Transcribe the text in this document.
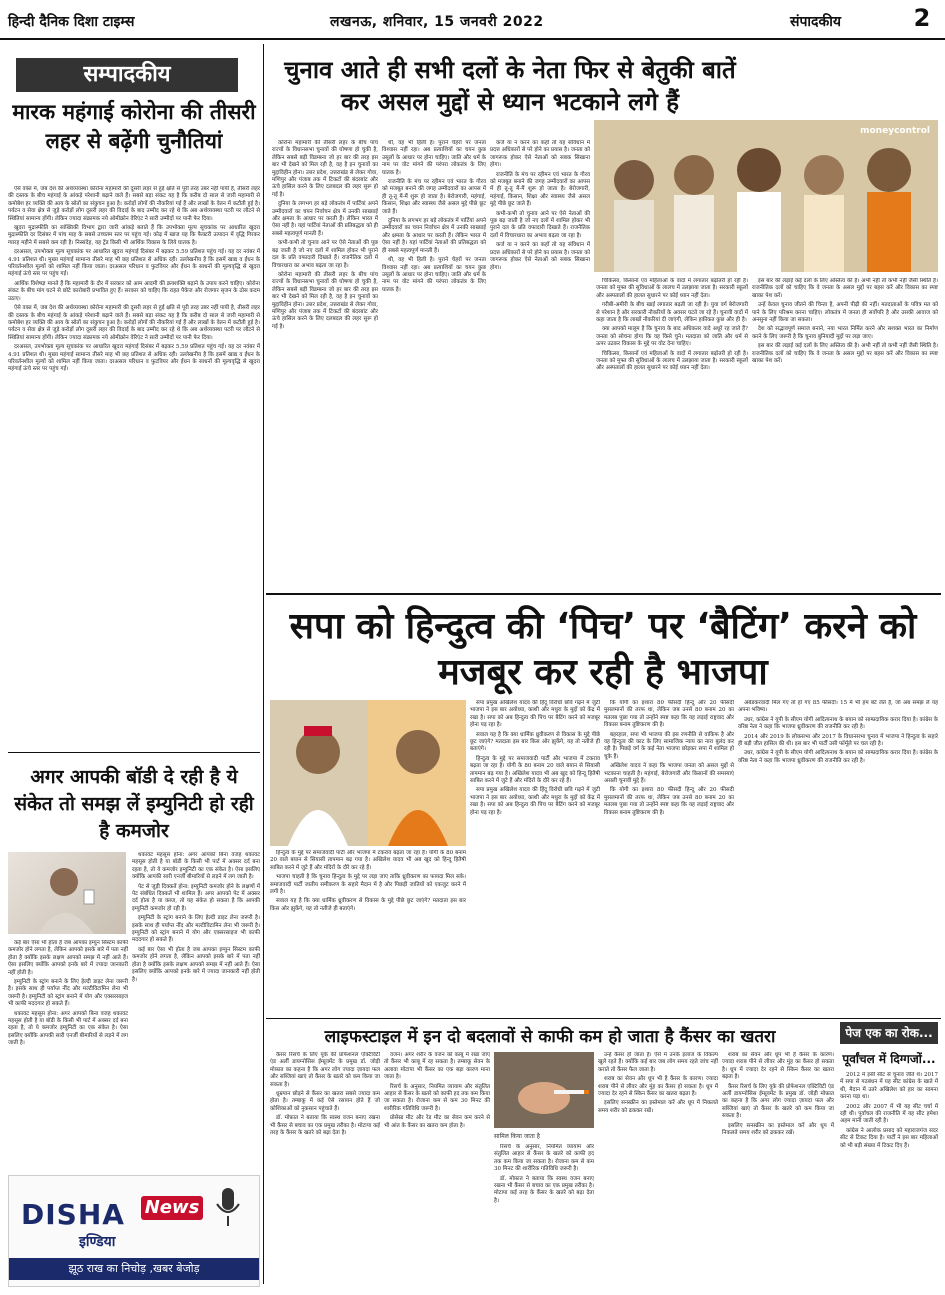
हिन्दी दैनिक दिशा टाइम्स	लखनऊ, शनिवार, 15 जनवरी 2022	संपादकीय	2
सम्पादकीय
मारक महंगाई कोरोना की तीसरी लहर से बढ़ेंगी चुनौतियां

ऐसे वक्त में, जब देश की अर्थव्यवस्था कोरोना महामारी की दूसरी लहर से हुई क्षति से पूरी तरह उबर नहीं पायी है, तीसरी लहर की दस्तक के बीच महंगाई के आंकड़े परेशानी बढ़ाने वाले हैं। सबसे बड़ा संकट यह है कि करीब दो साल से जारी महामारी से कमोबेश हर व्यक्ति की आय के स्रोतों का संकुचन हुआ है। करोड़ों लोगों की नौकरियां गई हैं और लाखों के वेतन में कटौती हुई है। पर्यटन व सेवा क्षेत्र से जुड़े करोड़ों लोग दूसरी लहर की विदाई के बाद उम्मीद कर रहे थे कि अब अर्थव्यवस्था पटरी पर लौटने से स्थितियां सामान्य होंगी। लेकिन ज्यादा संक्रामक नये ओमीक्रोन वेरिएंट ने सारी उम्मीदों पर पानी फेर दिया।

खुदरा मुद्रास्फीति का सांख्यिकी विभाग द्वारा जारी आंकड़े बताते हैं कि उपभोक्ता मूल्य सूचकांक पर आधारित खुदरा मुद्रास्फीति दर दिसंबर में पांच माह के सबसे उच्चतम स्तर पर पहुंच गई। कोढ़ में खाज यह कि फैक्टरी उत्पादन में वृद्धि गिरकर ग्यारह महीने में सबसे कम रही है। निस्संदेह, यह ट्रेंड किसी भी आर्थिक विकास के लिये घातक है।

दरअसल, उपभोक्ता मूल्य सूचकांक पर आधारित खुदरा महंगाई दिसंबर में बढ़कर 5.59 प्रतिशत पहुंच गई। यह दर नवंबर में 4.91 प्रतिशत थी। मुख्य महंगाई सामान्य तीसरे माह भी छह प्रतिशत से अधिक रही। उल्लेखनीय है कि इसमें खाद्य व ईंधन के परिवर्तनशील मूल्यों को शामिल नहीं किया जाता। दरअसल परिधान व फुटवियर और ईंधन के साधनों की मूल्यवृद्धि से खुदरा महंगाई ऊंचे स्तर पर पहुंच गई।

आर्थिक विशेषज्ञ मानते हैं कि महामारी के दौर में सरकार को आम आदमी की क्रयशक्ति बढ़ाने के उपाय करने चाहिए। कोरोना संकट के बीच मांग घटने से छोटे कारोबारी प्रभावित हुए हैं। सरकार को चाहिए कि राहत पैकेज और रोजगार सृजन के ठोस कदम उठाए।

ऐसे वक्त में, जब देश की अर्थव्यवस्था कोरोना महामारी की दूसरी लहर से हुई क्षति से पूरी तरह उबर नहीं पायी है, तीसरी लहर की दस्तक के बीच महंगाई के आंकड़े परेशानी बढ़ाने वाले हैं। सबसे बड़ा संकट यह है कि करीब दो साल से जारी महामारी से कमोबेश हर व्यक्ति की आय के स्रोतों का संकुचन हुआ है। करोड़ों लोगों की नौकरियां गई हैं और लाखों के वेतन में कटौती हुई है। पर्यटन व सेवा क्षेत्र से जुड़े करोड़ों लोग दूसरी लहर की विदाई के बाद उम्मीद कर रहे थे कि अब अर्थव्यवस्था पटरी पर लौटने से स्थितियां सामान्य होंगी। लेकिन ज्यादा संक्रामक नये ओमीक्रोन वेरिएंट ने सारी उम्मीदों पर पानी फेर दिया।

दरअसल, उपभोक्ता मूल्य सूचकांक पर आधारित खुदरा महंगाई दिसंबर में बढ़कर 5.59 प्रतिशत पहुंच गई। यह दर नवंबर में 4.91 प्रतिशत थी। मुख्य महंगाई सामान्य तीसरे माह भी छह प्रतिशत से अधिक रही। उल्लेखनीय है कि इसमें खाद्य व ईंधन के परिवर्तनशील मूल्यों को शामिल नहीं किया जाता। दरअसल परिधान व फुटवियर और ईंधन के साधनों की मूल्यवृद्धि से खुदरा महंगाई ऊंचे स्तर पर पहुंच गई।

अगर आपकी बॉडी दे रही है ये संकेत तो समझ लें इम्युनिटी हो रही है कमजोर

कई बार ऐसा भी होता है जब आपका इम्युन सिस्टम काफी कमजोर होने लगता है, लेकिन आपको इसके बारे में पता नहीं होता है क्योंकि इसके लक्षण आपको समझ में नहीं आते हैं। ऐसा इसलिए क्योंकि आपको इनके बारे में ज्यादा जानकारी नहीं होती है।

इम्युनिटी के स्ट्रांग बनाने के लिए हेल्दी डाइट लेना जरूरी है। इसके साथ ही पर्याप्त नींद और मल्टीविटामिन लेना भी जरूरी है। इम्युनिटी को स्ट्रांग बनाने में योग और एक्सरसाइज भी काफी मददगार हो सकते हैं।

थकावट महसूस होना: अगर आपको बिना वजह थकावट महसूस होती है या बॉडी के किसी भी पार्ट में अक्सर दर्द बना रहता है, तो ये कमजोर इम्युनिटी का एक संकेत है। ऐसा इसलिए क्योंकि आपकी सारी एनर्जी बीमारियों से लड़ने में लग जाती है।

थकावट महसूस होना: अगर आपको बिना वजह थकावट महसूस होती है या बॉडी के किसी भी पार्ट में अक्सर दर्द बना रहता है, तो ये कमजोर इम्युनिटी का एक संकेत है। ऐसा इसलिए क्योंकि आपकी सारी एनर्जी बीमारियों से लड़ने में लग जाती है।

पेट से जुड़ी दिक्कतें होना: इम्युनिटी कमजोर होने के लक्षणों में पेट संबंधित दिक्कतें भी शामिल हैं। अगर आपको पेट में अक्सर दर्द होता है या कब्ज, तो यह संकेत हो सकता है कि आपकी इम्युनिटी कमजोर हो रही है।

इम्युनिटी के स्ट्रांग बनाने के लिए हेल्दी डाइट लेना जरूरी है। इसके साथ ही पर्याप्त नींद और मल्टीविटामिन लेना भी जरूरी है। इम्युनिटी को स्ट्रांग बनाने में योग और एक्सरसाइज भी काफी मददगार हो सकते हैं।

कई बार ऐसा भी होता है जब आपका इम्युन सिस्टम काफी कमजोर होने लगता है, लेकिन आपको इसके बारे में पता नहीं होता है क्योंकि इसके लक्षण आपको समझ में नहीं आते हैं। ऐसा इसलिए क्योंकि आपको इनके बारे में ज्यादा जानकारी नहीं होती है।

DISHA News
इण्डिया
झूठ राख का निचोड़ ,खबर बेजोड़
चुनाव आते ही सभी दलों के नेता फिर से बेतुकी बातें कर असल मुद्दों से ध्यान भटकाने लगे हैं
moneycontrol

कोरोना महामारी की तीसरी लहर के बीच पांच राज्यों के विधानसभा चुनावों की घोषणा हो चुकी है, लेकिन सबसे बड़ी विडम्बना जो हर बार की तरह इस बार भी देखने को मिल रही है, वह है इन चुनावों का मुद्दाविहीन होना। उत्तर प्रदेश, उत्तराखंड से लेकर गोवा, मणिपुर और पंजाब तक में टिकटों की बंदरबांट और ऊंचे हासिल करने के लिए दलबदल की लहर सुरू हो गई है।

दुनिया के लगभग हर बड़े लोकतंत्र में पार्टियां अपने उम्मीदवारों का चयन निर्वाचन क्षेत्र में उनकी साख्याई और क्षमता के आधार पर करती हैं। लेकिन भारत में ऐसा नहीं है। यहां पार्टियां नेताओं की प्रतिबद्धता को ही सबसे महत्वपूर्ण मानती हैं।

कभी-कभी तो चुनाव आने पर ऐसे नेताओं की पूछ बढ़ जाती है जो नए दलों में शामिल होकर भी पुराने दल के प्रति वफादारी दिखाते हैं। राजनैतिक दलों में विचारधारा का अभाव बढ़ता जा रहा है।

कोरोना महामारी की तीसरी लहर के बीच पांच राज्यों के विधानसभा चुनावों की घोषणा हो चुकी है, लेकिन सबसे बड़ी विडम्बना जो हर बार की तरह इस बार भी देखने को मिल रही है, वह है इन चुनावों का मुद्दाविहीन होना। उत्तर प्रदेश, उत्तराखंड से लेकर गोवा, मणिपुर और पंजाब तक में टिकटों की बंदरबांट और ऊंचे हासिल करने के लिए दलबदल की लहर सुरू हो गई है।

थी, वह भी हिली है। पुराने चेहरों पर जनता विश्वास नहीं रहा। अब प्रत्याशियों का चयन कुछ उसूलों के आधार पर होना चाहिए। जाति और धर्म के नाम पर वोट मांगने की परंपरा लोकतंत्र के लिए घातक है।

राजनीति के मंच पर रहीमन एवं भारत के गौरव को मजबूत बनाने की जगह उम्मीदवारों का आपस में ही तू-तू मैं-मैं शुरू हो जाता है। बेरोजगारी, महंगाई, किसान, शिक्षा और स्वास्थ्य जैसे असल मुद्दे पीछे छूट जाते हैं।

दुनिया के लगभग हर बड़े लोकतंत्र में पार्टियां अपने उम्मीदवारों का चयन निर्वाचन क्षेत्र में उनकी साख्याई और क्षमता के आधार पर करती हैं। लेकिन भारत में ऐसा नहीं है। यहां पार्टियां नेताओं की प्रतिबद्धता को ही सबसे महत्वपूर्ण मानती हैं।

थी, वह भी हिली है। पुराने चेहरों पर जनता विश्वास नहीं रहा। अब प्रत्याशियों का चयन कुछ उसूलों के आधार पर होना चाहिए। जाति और धर्म के नाम पर वोट मांगने की परंपरा लोकतंत्र के लिए घातक है।

कर्ज या न करने का कहाँ तो यह संविधान में प्रदत्त अधिकारों से परे होने का प्रयास है। जनता को जागरूक होकर ऐसे नेताओं को सबक सिखाना होगा।

राजनीति के मंच पर रहीमन एवं भारत के गौरव को मजबूत बनाने की जगह उम्मीदवारों का आपस में ही तू-तू मैं-मैं शुरू हो जाता है। बेरोजगारी, महंगाई, किसान, शिक्षा और स्वास्थ्य जैसे असल मुद्दे पीछे छूट जाते हैं।

कभी-कभी तो चुनाव आने पर ऐसे नेताओं की पूछ बढ़ जाती है जो नए दलों में शामिल होकर भी पुराने दल के प्रति वफादारी दिखाते हैं। राजनैतिक दलों में विचारधारा का अभाव बढ़ता जा रहा है।

कर्ज या न करने का कहाँ तो यह संविधान में प्रदत्त अधिकारों से परे होने का प्रयास है। जनता को जागरूक होकर ऐसे नेताओं को सबक सिखाना होगा।

चिकित्सा, किसानों एवं महिलाओं के वादों में लगातार बढ़ोतरी हो रही है। जनता को मुफ्त की सुविधाओं के लालच में उलझाया जाता है। सरकारी स्कूलों और अस्पतालों की हालत सुधारने पर कोई ध्यान नहीं देता।

गरीबी-अमीरी के बीच खाई लगातार बढ़ती जा रही है। युवा वर्ग बेरोजगारी से परेशान है और सरकारी नौकरियों के अवसर घटते जा रहे हैं। चुनावी वादों में कहा जाता है कि लाखों नौकरियां दी जाएंगी, लेकिन हकीकत कुछ और ही है।

क्या आपको मालूम है कि चुनाव के बाद अधिकतर वादे अधूरे रह जाते हैं? जनता को सोचना होगा कि वह किसे चुने। मतदाता को जाति और धर्म से ऊपर उठकर विकास के मुद्दे पर वोट देना चाहिए।

चिकित्सा, किसानों एवं महिलाओं के वादों में लगातार बढ़ोतरी हो रही है। जनता को मुफ्त की सुविधाओं के लालच में उलझाया जाता है। सरकारी स्कूलों और अस्पतालों की हालत सुधारने पर कोई ध्यान नहीं देता।

इस बार की लड़ाई कई दलों के लिए अस्तित्व की है। अभी नहीं तो कभी नहीं जैसी स्थिति है। राजनीतिक दलों को चाहिए कि वे जनता के असल मुद्दों पर बहस करें और विकास का स्पष्ट खाका पेश करें।

उन्हें केवल चुनाव जीतने की चिन्ता है, अपनी पीढ़ी की नहीं। मतदाताओं के पवित्र मत को पाने के लिए परिश्रम करना चाहिए। लोकतंत्र में जनता ही सर्वोपरि है और उसकी आवाज को अनसुना नहीं किया जा सकता।

देश को सद्भावपूर्ण समाज बनाने, नया भारत निर्मित करने और सशक्त भारत का निर्माण करने के लिए जरूरी है कि चुनाव बुनियादी मुद्दों पर लड़ा जाए।

इस बार की लड़ाई कई दलों के लिए अस्तित्व की है। अभी नहीं तो कभी नहीं जैसी स्थिति है। राजनीतिक दलों को चाहिए कि वे जनता के असल मुद्दों पर बहस करें और विकास का स्पष्ट खाका पेश करें।

सपा को हिन्दुत्व की ‘पिच’ पर ‘बैटिंग’ करने को मजबूर कर रही है भाजपा

हिन्दुत्व के मुद्दे पर समाजवादी पार्टी और भाजपा में टकराव बढ़ता जा रहा है। योगी के 80 बनाम 20 वाले बयान से सियासी तापमान बढ़ गया है। अखिलेश यादव भी अब खुद को हिन्दू हितैषी साबित करने में जुटे हैं और मंदिरों के दौरे कर रहे हैं।

भाजपा चाहती है कि चुनाव हिन्दुत्व के मुद्दे पर लड़ा जाए ताकि ध्रुवीकरण का फायदा मिल सके। समाजवादी पार्टी जातीय समीकरण के सहारे मैदान में है और पिछड़ी जातियों को एकजुट करने में लगी है।

सवाल यह है कि क्या धार्मिक ध्रुवीकरण से विकास के मुद्दे पीछे छूट जाएंगे? मतदाता इस बार किस ओर झुकेंगे, यह तो नतीजे ही बताएंगे।

सपा प्रमुख अखिलेश यादव की हिंदू विरोधी छवि गढ़ने में जुटी भाजपा ने इस बार अयोध्या, काशी और मथुरा के मुद्दों को केंद्र में रखा है। सपा को अब हिन्दुत्व की पिच पर बैटिंग करने को मजबूर होना पड़ रहा है।

सवाल यह है कि क्या धार्मिक ध्रुवीकरण से विकास के मुद्दे पीछे छूट जाएंगे? मतदाता इस बार किस ओर झुकेंगे, यह तो नतीजे ही बताएंगे।

हिन्दुत्व के मुद्दे पर समाजवादी पार्टी और भाजपा में टकराव बढ़ता जा रहा है। योगी के 80 बनाम 20 वाले बयान से सियासी तापमान बढ़ गया है। अखिलेश यादव भी अब खुद को हिन्दू हितैषी साबित करने में जुटे हैं और मंदिरों के दौरे कर रहे हैं।

सपा प्रमुख अखिलेश यादव की हिंदू विरोधी छवि गढ़ने में जुटी भाजपा ने इस बार अयोध्या, काशी और मथुरा के मुद्दों को केंद्र में रखा है। सपा को अब हिन्दुत्व की पिच पर बैटिंग करने को मजबूर होना पड़ रहा है।

कि योगी का इशारा 80 फीसदी हिन्दू और 20 फीसदी मुसलमानों की तरफ था, लेकिन जब उनसे 80 बनाम 20 का मतलब पूछा गया तो उन्होंने स्पष्ट कहा कि यह लड़ाई राष्ट्रवाद और विकास बनाम तुष्टिकरण की है।

बहरहाल, सपा भी भाजपा की इस रणनीति से वाकिफ है और वह हिन्दुत्व की काट के लिए सामाजिक न्याय का नारा बुलंद कर रही है। पिछड़े वर्ग के कई नेता भाजपा छोड़कर सपा में शामिल हो चुके हैं।

अखिलेश यादव ने कहा कि भाजपा जनता को असल मुद्दों से भटकाना चाहती है। महंगाई, बेरोजगारी और किसानों की समस्याएं असली चुनावी मुद्दे हैं।

कि योगी का इशारा 80 फीसदी हिन्दू और 20 फीसदी मुसलमानों की तरफ था, लेकिन जब उनसे 80 बनाम 20 का मतलब पूछा गया तो उन्होंने स्पष्ट कहा कि यह लड़ाई राष्ट्रवाद और विकास बनाम तुष्टिकरण की है।

अंबेडकरवादी मिल गए तो हो गए 85 फीसदी। 15 में भी हम बंटे लेते हैं, जो अब समझ लें यह अपना भविष्य।

उधर, कांग्रेस ने यूपी के सीएम योगी आदित्यनाथ के बयान को साम्प्रदायिक करार दिया है। कांग्रेस के वरिष्ठ नेता ने कहा कि भाजपा ध्रुवीकरण की राजनीति कर रही है।

2014 और 2019 के लोकसभा और 2017 के विधानसभा चुनाव में भाजपा ने हिन्दुत्व के सहारे ही बड़ी जीत हासिल की थी। इस बार भी पार्टी उसी फॉर्मूले पर चल रही है।

उधर, कांग्रेस ने यूपी के सीएम योगी आदित्यनाथ के बयान को साम्प्रदायिक करार दिया है। कांग्रेस के वरिष्ठ नेता ने कहा कि भाजपा ध्रुवीकरण की राजनीति कर रही है।

लाइफस्टाइल में इन दो बदलावों से काफी कम हो जाता है कैंसर का खतरा

कैंसर रिसर्च के लिए यूके की प्रोफेशनल एक्टिविटी एंड अर्ली डायग्नोसिस ईम्प्रूवमेंट के प्रमुख डॉ. जोड़ी मोफ़ात का कहना है कि अगर लोग ज्यादा ज़ायदा फल और सब्जियां खाएं तो कैंसर के खतरे को कम किया जा सकता है।

धूम्रपान छोड़ने से कैंसर का खतरा सबसे ज्यादा कम होता है। तम्बाकू में कई ऐसे रसायन होते हैं जो कोशिकाओं को नुकसान पहुंचाते हैं।

डॉ. मोफ़ात ने बताया कि स्वस्थ वजन बनाए रखना भी कैंसर से बचाव का एक प्रमुख तरीका है। मोटापा कई तरह के कैंसर के खतरे को बढ़ा देता है।

वजन। अगर शरीर के वजन को काबू में रखा जाए तो कैंसर भी काबू में रह सकता है। तम्बाकू सेवन के अलावा मोटापा भी कैंसर का एक बड़ा कारण माना जाता है।

रिसर्च के अनुसार, नियमित व्यायाम और संतुलित आहार से कैंसर के खतरे को काफी हद तक कम किया जा सकता है। रोजाना कम से कम 30 मिनट की शारीरिक गतिविधि जरूरी है।

प्रोसेस्ड मीट और रेड मीट का सेवन कम करने से भी आंत के कैंसर का खतरा कम होता है।

सामिल किया जाता है

रिसर्च के अनुसार, नियमित व्यायाम और संतुलित आहार से कैंसर के खतरे को काफी हद तक कम किया जा सकता है। रोजाना कम से कम 30 मिनट की शारीरिक गतिविधि जरूरी है।

डॉ. मोफ़ात ने बताया कि स्वस्थ वजन बनाए रखना भी कैंसर से बचाव का एक प्रमुख तरीका है। मोटापा कई तरह के कैंसर के खतरे को बढ़ा देता है।

उन्हें कैंसर हो जाता है। ऐसे में उनके इलाज के विकल्प खुले रहते हैं। क्योंकि कई बार जब लोग समय रहते जांच नहीं कराते तो कैंसर फैल जाता है।

शराब का सेवन और धूप भी है कैंसर के कारण। ज्यादा शराब पीने से लीवर और मुंह का कैंसर हो सकता है। धूप में ज्यादा देर रहने से स्किन कैंसर का खतरा बढ़ता है।

इसलिए सनस्क्रीन का इस्तेमाल करें और धूप में निकलते समय शरीर को ढककर रखें।

शराब का सेवन और धूप भी है कैंसर के कारण। ज्यादा शराब पीने से लीवर और मुंह का कैंसर हो सकता है। धूप में ज्यादा देर रहने से स्किन कैंसर का खतरा बढ़ता है।

कैंसर रिसर्च के लिए यूके की प्रोफेशनल एक्टिविटी एंड अर्ली डायग्नोसिस ईम्प्रूवमेंट के प्रमुख डॉ. जोड़ी मोफ़ात का कहना है कि अगर लोग ज्यादा ज़ायदा फल और सब्जियां खाएं तो कैंसर के खतरे को कम किया जा सकता है।

इसलिए सनस्क्रीन का इस्तेमाल करें और धूप में निकलते समय शरीर को ढककर रखें।

पेज एक का रोक...
पूर्वांचल में दिग्गजों...

2012 में इसी सीट से चुनाव जीते थे। 2017 में सपा से गठबंधन में यह सीट कांग्रेस के खाते में थी, मैदान में उतरे अखिलेश को हार का सामना करना पड़ा था।

2002 और 2007 में भी यह सीट चर्चा में रही थी। पूर्वांचल की राजनीति में यह सीट हमेशा अहम मानी जाती रही है।

कांग्रेस ने आलोक प्रसाद को महाराजगंज सदर सीट से टिकट दिया है। पार्टी ने इस बार महिलाओं को भी बड़ी संख्या में टिकट दिए हैं।
